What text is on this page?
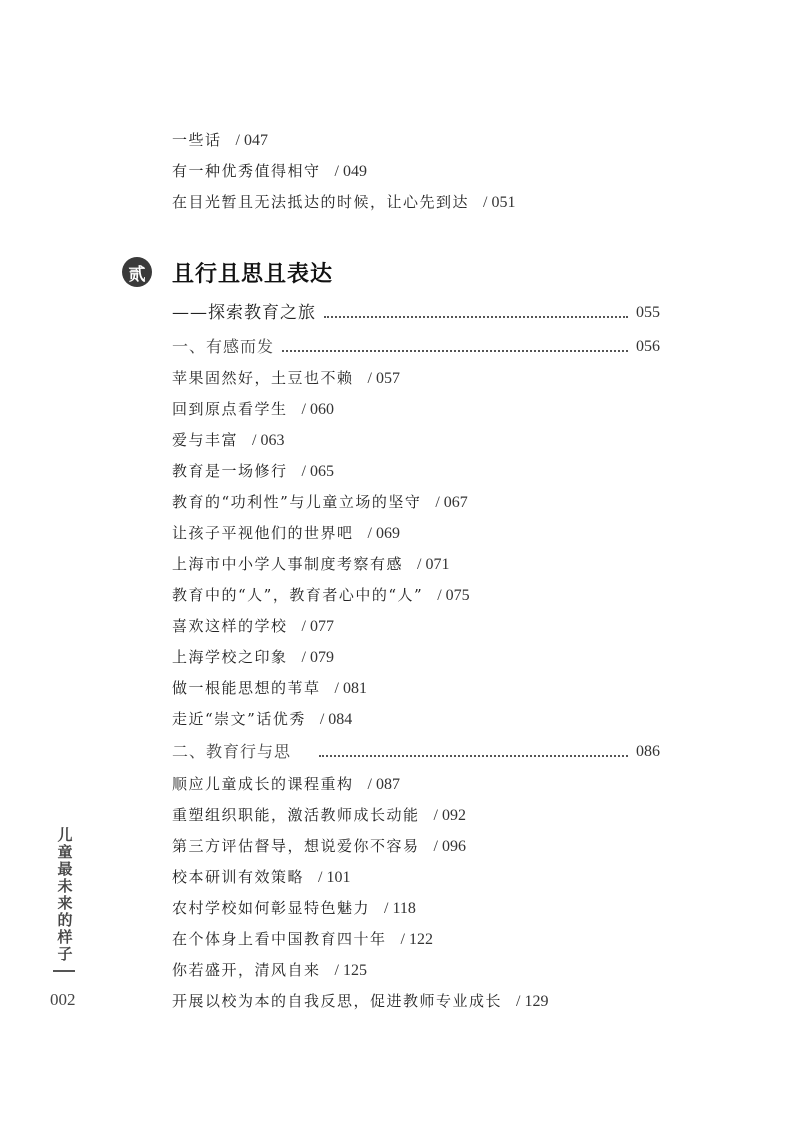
一些话 / 047
有一种优秀值得相守 / 049
在目光暂且无法抵达的时候，让心先到达 / 051
贰 且行且思且表达
——探索教育之旅	055
一、有感而发	056
苹果固然好，土豆也不赖 / 057
回到原点看学生 / 060
爱与丰富 / 063
教育是一场修行 / 065
教育的“功利性”与儿童立场的坚守 / 067
让孩子平视他们的世界吧 / 069
上海市中小学人事制度考察有感 / 071
教育中的“人”，教育者心中的“人” / 075
喜欢这样的学校 / 077
上海学校之印象 / 079
做一根能思想的苇草 / 081
走近“崇文”话优秀 / 084
二、教育行与思	086
顺应儿童成长的课程重构 / 087
重塑组织职能，激活教师成长动能 / 092
第三方评估督导，想说爱你不容易 / 096
校本研训有效策略 / 101
农村学校如何彰显特色魅力 / 118
在个体身上看中国教育四十年 / 122
你若盛开，清风自来 / 125
开展以校为本的自我反思，促进教师专业成长 / 129
儿童最未来的样子
002
